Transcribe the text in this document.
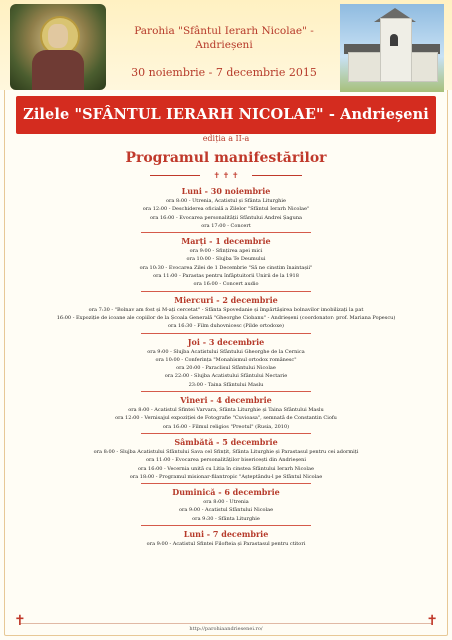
Parohia "Sfântul Ierarh Nicolae" -
Andrieșeni
30 noiembrie - 7 decembrie 2015
Zilele "SFÂNTUL IERARH NICOLAE" - Andrieșeni
ediția a II-a
Programul manifestărilor
✝ ✝ ✝
Luni - 30 noiembrie
ora 8:00 - Utrenia, Acatistul și Sfânta Liturghie
ora 12:00 - Deschiderea oficială a Zilelor "Sfântul Ierarh Nicolae"
ora 16:00 - Evocarea personalității Sfântului Andrei Șaguna
ora 17:00 - Concert
Marți - 1 decembrie
ora 9:00 - Sfințirea apei mici
ora 10:00 - Slujba Te Deumului
ora 10:30 - Evocarea Zilei de 1 Decembrie "Să ne cinstim înaintașii"
ora 11:00 - Parastas pentru înfăptuitorii Unirii de la 1918
ora 16:00 - Concert audio
Miercuri - 2 decembrie
ora 7:30 - "Bolnav am fost și M-ați cercetat" - Sfânta Spovedanie și împărtășirea bolnavilor imobilizați la pat
16:00 - Expoziție de icoane ale copiilor de la Școala Generală "Gheorghe Ciobanu" - Andrieșeni (coordonator: prof. Mariana Popescu)
ora 16:30 - Film duhovnicesc (Pilde ortodoxe)
Joi - 3 decembrie
ora 9:00 - Slujba Acatistului Sfântului Gheorghe de la Cernica
ora 10:00 - Conferința "Monahismul ortodox românesc"
ora 20:00 - Paraclisul Sfântului Nicolae
ora 22:00 - Slujba Acatistului Sfântului Nectarie
23:00 - Taina Sfântului Maslu
Vineri - 4 decembrie
ora 8:00 - Acatistul Sfintei Varvara, Sfânta Liturghie și Taina Sfântului Maslu
ora 12:00 - Vernisajul expoziției de Fotografie "Cuvioasa", semnată de Constantin Ciofu
ora 16:00 - Filmul religios "Preotul" (Rusia, 2010)
Sâmbătă - 5 decembrie
ora 8:00 - Slujba Acatistului Sfântului Sava cel Sfințit, Sfânta Liturghie și Parastasul pentru cei adormiți
ora 11:00 - Evocarea personalităților bisericești din Andrieșeni
ora 16:00 - Vecernia unită cu Litia în cinstea Sfântului Ierarh Nicolae
ora 18:00 - Programul misionar-filantropic "Așteptându-l pe Sfântul Nicolae
Duminică - 6 decembrie
ora 8:00 - Utrenia
ora 9:00 - Acatistul Sfântului Nicolae
ora 9:30 - Sfânta Liturghie
Luni - 7 decembrie
ora 9:00 - Acatistul Sfintei Filofteia și Parastasul pentru ctitori
✝	✝
http://parohiaandriesenei.ro/
